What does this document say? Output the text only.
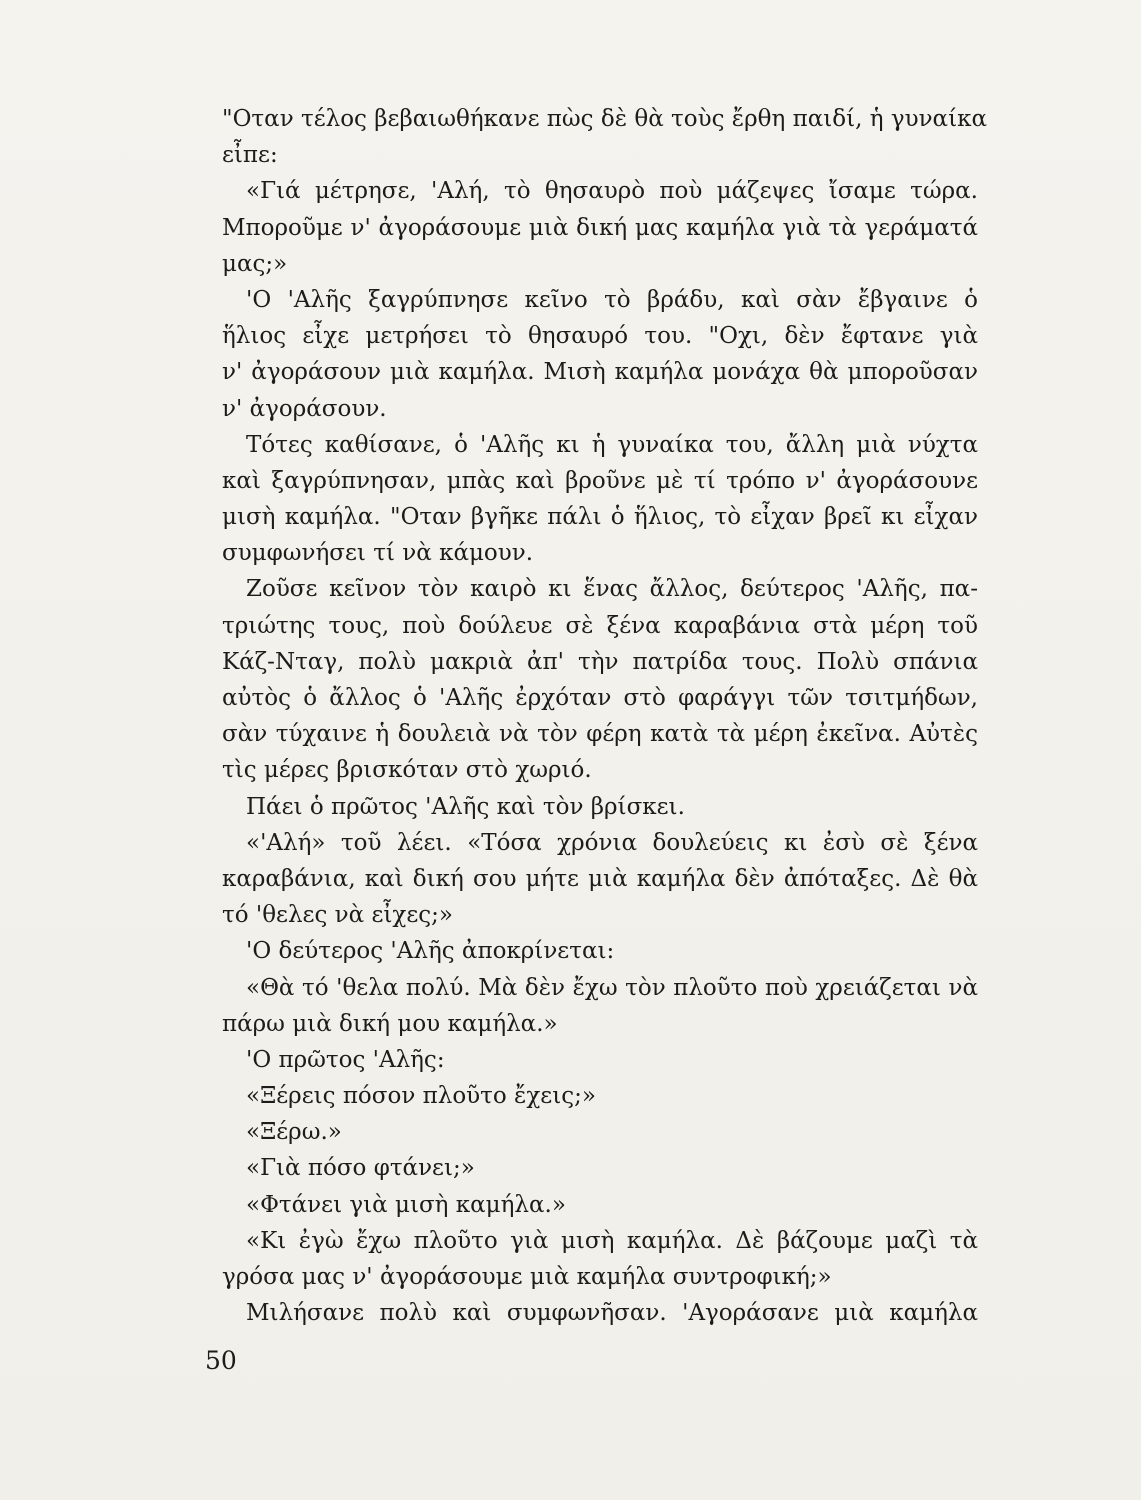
"Οταν τέλος βεβαιωθήκανε πὼς δὲ θὰ τοὺς ἔρθη παιδί, ἡ γυναίκα
εἶπε:
«Γιά μέτρησε, 'Αλή, τὸ θησαυρὸ ποὺ μάζεψες ἴσαμε τώρα.
Μποροῦμε ν' ἀγοράσουμε μιὰ δική μας καμήλα γιὰ τὰ γεράματά
μας;»
'Ο 'Αλῆς ξαγρύπνησε κεῖνο τὸ βράδυ, καὶ σὰν ἔβγαινε ὁ
ἥλιος εἶχε μετρήσει τὸ θησαυρό του. "Οχι, δὲν ἔφτανε γιὰ
ν' ἀγοράσουν μιὰ καμήλα. Μισὴ καμήλα μονάχα θὰ μποροῦσαν
ν' ἀγοράσουν.
Τότες καθίσανε, ὁ 'Αλῆς κι ἡ γυναίκα του, ἄλλη μιὰ νύχτα
καὶ ξαγρύπνησαν, μπὰς καὶ βροῦνε μὲ τί τρόπο ν' ἀγοράσουνε
μισὴ καμήλα. "Οταν βγῆκε πάλι ὁ ἥλιος, τὸ εἶχαν βρεῖ κι εἶχαν
συμφωνήσει τί νὰ κάμουν.
Ζοῦσε κεῖνον τὸν καιρὸ κι ἕνας ἄλλος, δεύτερος 'Αλῆς, πα-
τριώτης τους, ποὺ δούλευε σὲ ξένα καραβάνια στὰ μέρη τοῦ
Κάζ-Νταγ, πολὺ μακριὰ ἀπ' τὴν πατρίδα τους. Πολὺ σπάνια
αὐτὸς ὁ ἄλλος ὁ 'Αλῆς ἐρχόταν στὸ φαράγγι τῶν τσιτμήδων,
σὰν τύχαινε ἡ δουλειὰ νὰ τὸν φέρη κατὰ τὰ μέρη ἐκεῖνα. Αὐτὲς
τὶς μέρες βρισκόταν στὸ χωριό.
Πάει ὁ πρῶτος 'Αλῆς καὶ τὸν βρίσκει.
«'Αλή» τοῦ λέει. «Τόσα χρόνια δουλεύεις κι ἐσὺ σὲ ξένα
καραβάνια, καὶ δική σου μήτε μιὰ καμήλα δὲν ἀπόταξες. Δὲ θὰ
τό 'θελες νὰ εἶχες;»
'Ο δεύτερος 'Αλῆς ἀποκρίνεται:
«Θὰ τό 'θελα πολύ. Μὰ δὲν ἔχω τὸν πλοῦτο ποὺ χρειάζεται νὰ
πάρω μιὰ δική μου καμήλα.»
'Ο πρῶτος 'Αλῆς:
«Ξέρεις πόσον πλοῦτο ἔχεις;»
«Ξέρω.»
«Γιὰ πόσο φτάνει;»
«Φτάνει γιὰ μισὴ καμήλα.»
«Κι ἐγὼ ἔχω πλοῦτο γιὰ μισὴ καμήλα. Δὲ βάζουμε μαζὶ τὰ
γρόσα μας ν' ἀγοράσουμε μιὰ καμήλα συντροφική;»
Μιλήσανε πολὺ καὶ συμφωνῆσαν. 'Αγοράσανε μιὰ καμήλα
50
